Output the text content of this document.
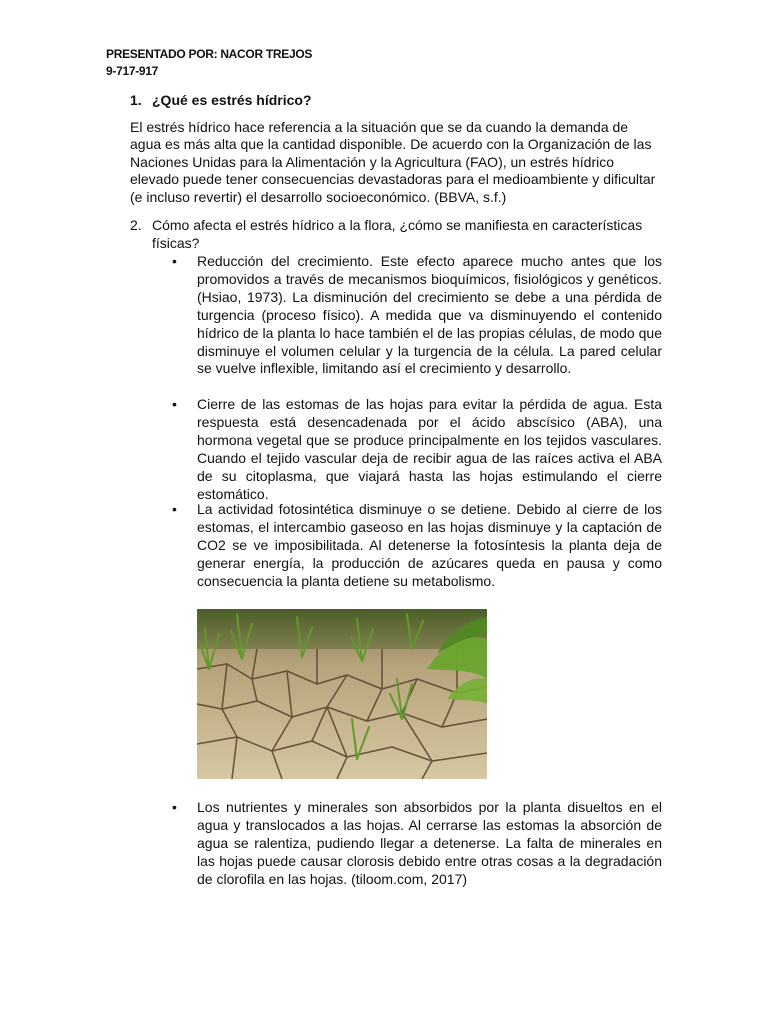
PRESENTADO POR: NACOR TREJOS
9-717-917
1. ¿Qué es estrés hídrico?
El estrés hídrico hace referencia a la situación que se da cuando la demanda de agua es más alta que la cantidad disponible. De acuerdo con la Organización de las Naciones Unidas para la Alimentación y la Agricultura (FAO), un estrés hídrico elevado puede tener consecuencias devastadoras para el medioambiente y dificultar (e incluso revertir) el desarrollo socioeconómico. (BBVA, s.f.)
2. Cómo afecta el estrés hídrico a la flora, ¿cómo se manifiesta en características físicas?
•	Reducción del crecimiento. Este efecto aparece mucho antes que los promovidos a través de mecanismos bioquímicos, fisiológicos y genéticos. (Hsiao, 1973). La disminución del crecimiento se debe a una pérdida de turgencia (proceso físico). A medida que va disminuyendo el contenido hídrico de la planta lo hace también el de las propias células, de modo que disminuye el volumen celular y la turgencia de la célula. La pared celular se vuelve inflexible, limitando así el crecimiento y desarrollo.
•	Cierre de las estomas de las hojas para evitar la pérdida de agua. Esta respuesta está desencadenada por el ácido abscísico (ABA), una hormona vegetal que se produce principalmente en los tejidos vasculares. Cuando el tejido vascular deja de recibir agua de las raíces activa el ABA de su citoplasma, que viajará hasta las hojas estimulando el cierre estomático.
•	La actividad fotosintética disminuye o se detiene. Debido al cierre de los estomas, el intercambio gaseoso en las hojas disminuye y la captación de CO2 se ve imposibilitada. Al detenerse la fotosíntesis la planta deja de generar energía, la producción de azúcares queda en pausa y como consecuencia la planta detiene su metabolismo.
•	Los nutrientes y minerales son absorbidos por la planta disueltos en el agua y translocados a las hojas. Al cerrarse las estomas la absorción de agua se ralentiza, pudiendo llegar a detenerse. La falta de minerales en las hojas puede causar clorosis debido entre otras cosas a la degradación de clorofila en las hojas. (tiloom.com, 2017)
